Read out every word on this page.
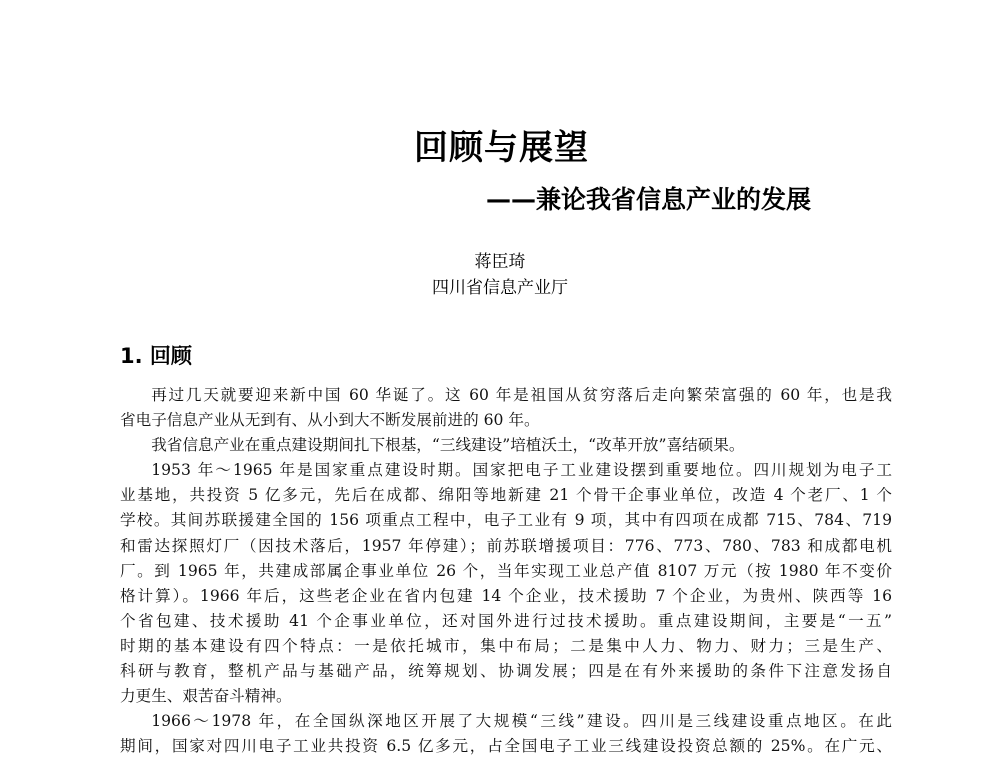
回顾与展望
——兼论我省信息产业的发展
蒋臣琦
四川省信息产业厅
1. 回顾
再过几天就要迎来新中国 60 华诞了。这 60 年是祖国从贫穷落后走向繁荣富强的 60 年，也是我
省电子信息产业从无到有、从小到大不断发展前进的 60 年。
我省信息产业在重点建设期间扎下根基，“三线建设”培植沃土，“改革开放”喜结硕果。
1953 年～1965 年是国家重点建设时期。国家把电子工业建设摆到重要地位。四川规划为电子工
业基地，共投资 5 亿多元，先后在成都、绵阳等地新建 21 个骨干企事业单位，改造 4 个老厂、1 个
学校。其间苏联援建全国的 156 项重点工程中，电子工业有 9 项，其中有四项在成都 715、784、719
和雷达探照灯厂（因技术落后，1957 年停建）；前苏联增援项目：776、773、780、783 和成都电机
厂。到 1965 年，共建成部属企事业单位 26 个，当年实现工业总产值 8107 万元（按 1980 年不变价
格计算）。1966 年后，这些老企业在省内包建 14 个企业，技术援助 7 个企业，为贵州、陕西等 16
个省包建、技术援助 41 个企事业单位，还对国外进行过技术援助。重点建设期间，主要是“一五”
时期的基本建设有四个特点：一是依托城市，集中布局；二是集中人力、物力、财力；三是生产、
科研与教育，整机产品与基础产品，统筹规划、协调发展；四是在有外来援助的条件下注意发扬自
力更生、艰苦奋斗精神。
1966～1978 年，在全国纵深地区开展了大规模“三线”建设。四川是三线建设重点地区。在此
期间，国家对四川电子工业共投资 6.5 亿多元，占全国电子工业三线建设投资总额的 25%。在广元、
